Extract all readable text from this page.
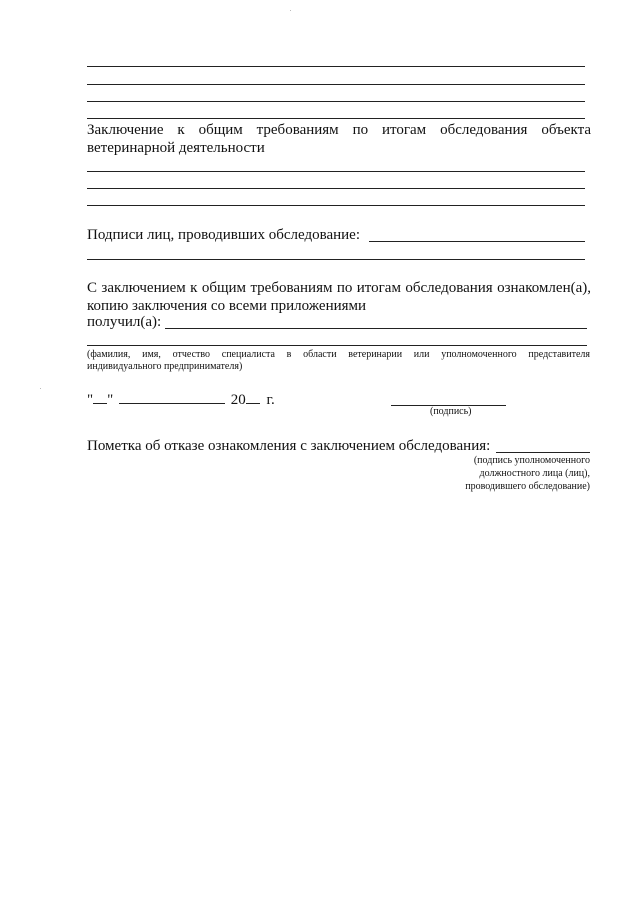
Заключение к общим требованиям по итогам обследования объекта
ветеринарной деятельности
Подписи лиц, проводивших обследование:
С заключением к общим требованиям по итогам обследования ознакомлен(а),
копию заключения со всеми приложениями
получил(а):
(фамилия, имя, отчество специалиста в области ветеринарии или уполномоченного представителя
индивидуального предпринимателя)
" "	20 г.
(подпись)
Пометка об отказе ознакомления с заключением обследования:
(подпись уполномоченного
должностного лица (лиц),
проводившего обследование)
